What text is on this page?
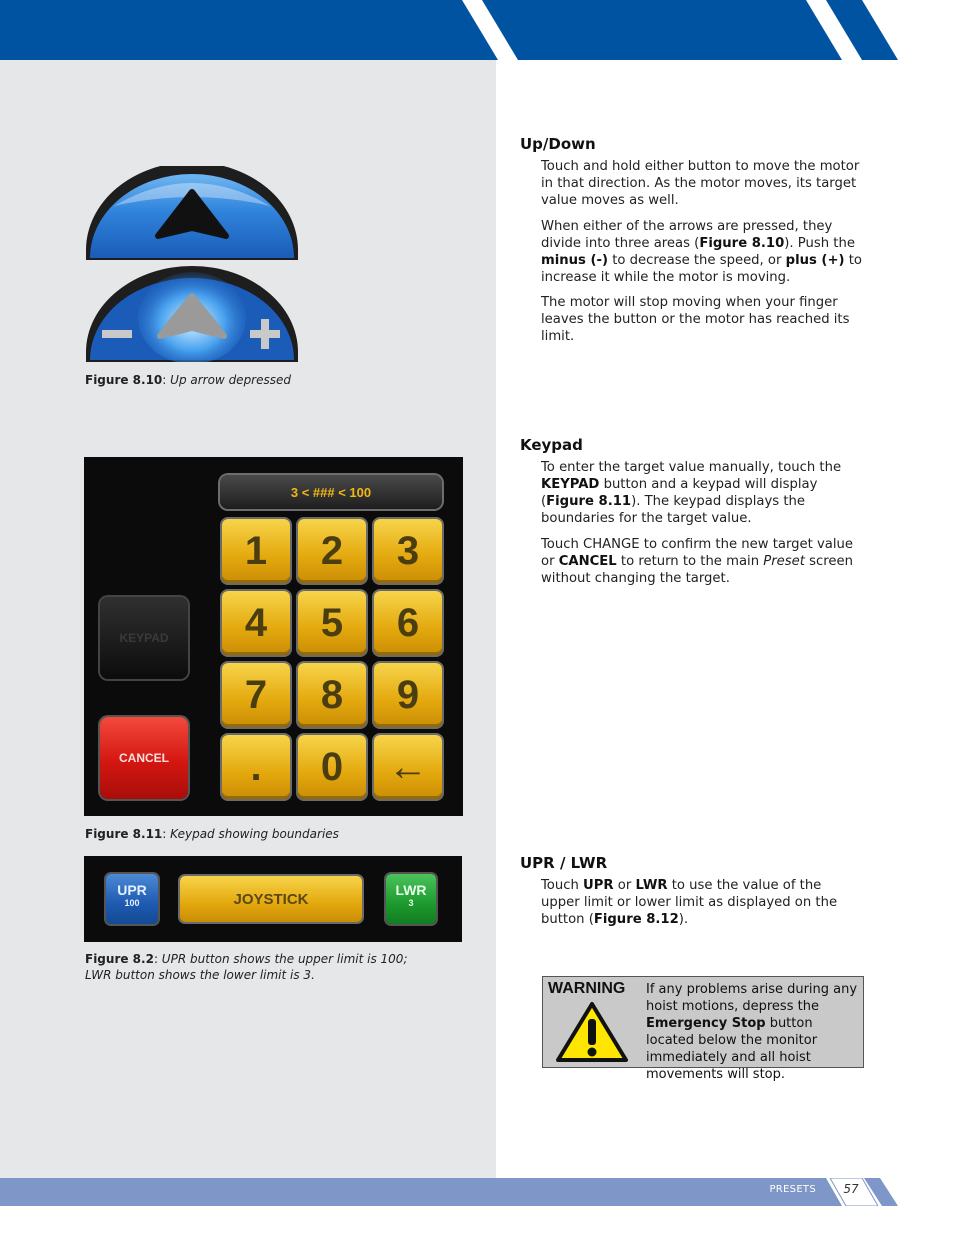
PRESETS	57
Figure 8.10: Up arrow depressed
Up/Down

Touch and hold either button to move the motor in that direction. As the motor moves, its target value moves as well.

When either of the arrows are pressed, they divide into three areas (Figure 8.10). Push the minus (-) to decrease the speed, or plus (+) to increase it while the motor is moving.

The motor will stop moving when your finger leaves the button or the motor has reached its limit.

3 < ### < 100
1	2	3
4	5	6
7	8	9
.	0	←
KEYPAD
CANCEL
Figure 8.11: Keypad showing boundaries
Keypad

To enter the target value manually, touch the KEYPAD button and a keypad will display (Figure 8.11). The keypad displays the boundaries for the target value.

Touch CHANGE to confirm the new target value or CANCEL to return to the main Preset screen without changing the target.

UPR
100	JOYSTICK
LWR
3
Figure 8.2: UPR button shows the upper limit is 100;
LWR button shows the lower limit is 3.
UPR / LWR

Touch UPR or LWR to use the value of the upper limit or lower limit as displayed on the button (Figure 8.12).

WARNING If any problems arise during any hoist motions, depress the Emergency Stop button located below the monitor immediately and all hoist movements will stop.
